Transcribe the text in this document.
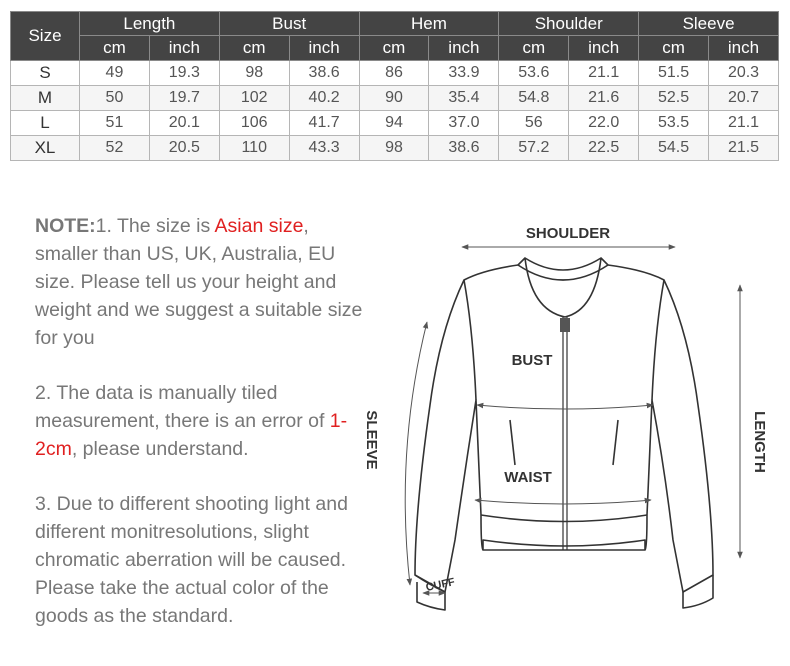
Size	Length		Bust		Hem		Shoulder		Sleeve	
	cm	inch	cm	inch	cm	inch	cm	inch	cm	inch
S	49	19.3	98	38.6	86	33.9	53.6	21.1	51.5	20.3
M	50	19.7	102	40.2	90	35.4	54.8	21.6	52.5	20.7
L	51	20.1	106	41.7	94	37.0	56	22.0	53.5	21.1
XL	52	20.5	110	43.3	98	38.6	57.2	22.5	54.5	21.5

NOTE:1. The size is Asian size, smaller than US, UK, Australia, EU size. Please tell us your height and weight and we suggest a suitable size for you

2. The data is manually tiled measurement, there is an error of 1-2cm, please understand.

3. Due to different shooting light and different monitresolutions, slight chromatic aberration will be caused. Please take the actual color of the goods as the standard.

SHOULDER
BUST
WAIST
SLEEVE	LENGTH
CUFF
